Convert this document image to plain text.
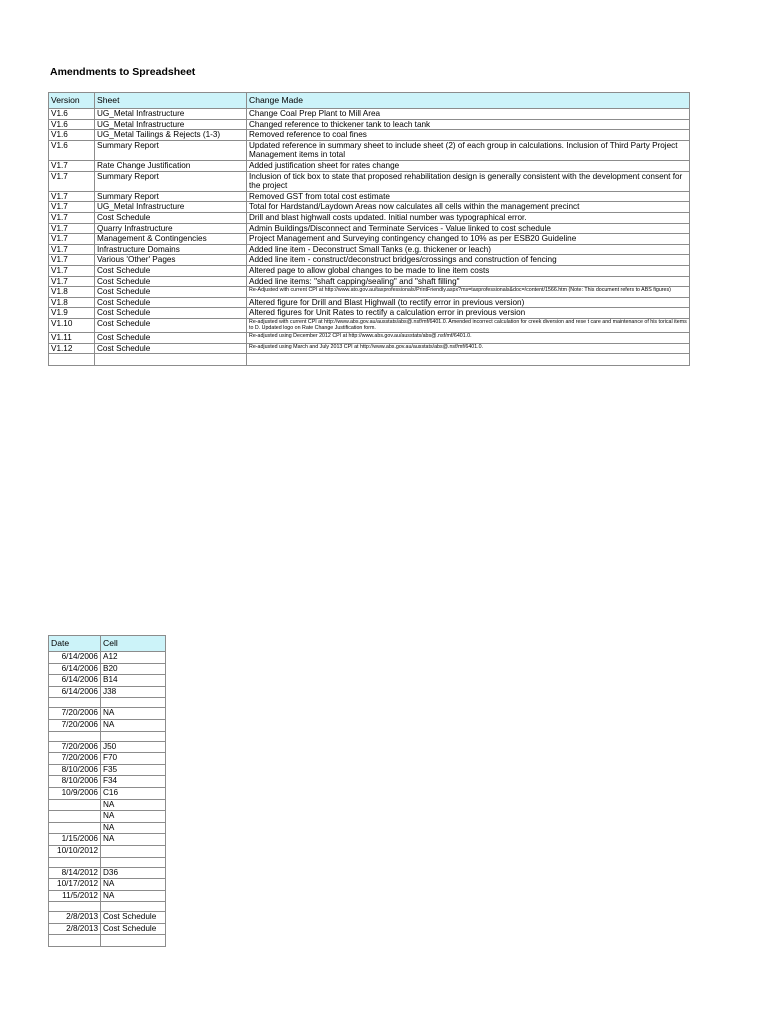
Amendments to Spreadsheet
Version	Sheet	Change Made
V1.6	UG_Metal Infrastructure	Change Coal Prep Plant to Mill Area
V1.6	UG_Metal Infrastructure	Changed reference to thickener tank to leach tank
V1.6	UG_Metal Tailings & Rejects (1-3)	Removed reference to coal fines
V1.6	Summary Report	Updated reference in summary sheet to include sheet (2) of each group in calculations. Inclusion of Third Party Project Management items in total
V1.7	Rate Change Justification	Added justification sheet for rates change
V1.7	Summary Report	Inclusion of tick box to state that proposed rehabilitation design is generally consistent with the development consent for the project
V1.7	Summary Report	Removed GST from total cost estimate
V1.7	UG_Metal Infrastructure	Total for Hardstand/Laydown Areas now calculates all cells within the management precinct
V1.7	Cost Schedule	Drill and blast highwall costs updated. Initial number was typographical error.
V1.7	Quarry Infrastructure	Admin Buildings/Disconnect and Terminate Services - Value linked to cost schedule
V1.7	Management & Contingencies	Project Management and Surveying contingency changed to 10% as per ESB20 Guideline
V1.7	Infrastructure Domains	Added line item - Deconstruct Small Tanks (e.g. thickener or leach)
V1.7	Various 'Other' Pages	Added line item - construct/deconstruct bridges/crossings and construction of fencing
V1.7	Cost Schedule	Altered page to allow global changes to be made to line item costs
V1.7	Cost Schedule	Added line items: "shaft capping/sealing" and "shaft filling"
V1.8	Cost Schedule	Re-Adjusted with current CPI at http://www.ato.gov.au/taxprofessionals/PrintFriendly.aspx?ms=taxprofessionals&doc=/content/1566.htm (Note: This document refers to ABS figures)
V1.8	Cost Schedule	Altered figure for Drill and Blast Highwall (to rectify error in previous version)
V1.9	Cost Schedule	Altered figures for Unit Rates to rectify a calculation error in previous version
V1.10	Cost Schedule	Re-adjusted with current CPI at http://www.abs.gov.au/ausstats/abs@.nsf/mf/6401.0. Amended incorrect calculation for creek diversion and rese t care and maintenance of his torical items to D. Updated logo on Rate Change Justification form.
V1.11	Cost Schedule	Re-adjusted using December 2012 CPI at http://www.abs.gov.au/ausstats/abs@.nsf/mf/6401.0.
V1.12	Cost Schedule	Re-adjusted using March and July 2013 CPI at http://www.abs.gov.au/ausstats/abs@.nsf/mf/6401.0.

Date	Cell
6/14/2006	A12
6/14/2006	B20
6/14/2006	B14
6/14/2006	J38

7/20/2006	NA
7/20/2006	NA

7/20/2006	J50
7/20/2006	F70
8/10/2006	F35
8/10/2006	F34
10/9/2006	C16
	NA
	NA
	NA
1/15/2006	NA
10/10/2012	

8/14/2012	D36
10/17/2012	NA
11/5/2012	NA

2/8/2013	Cost Schedule
2/8/2013	Cost Schedule
